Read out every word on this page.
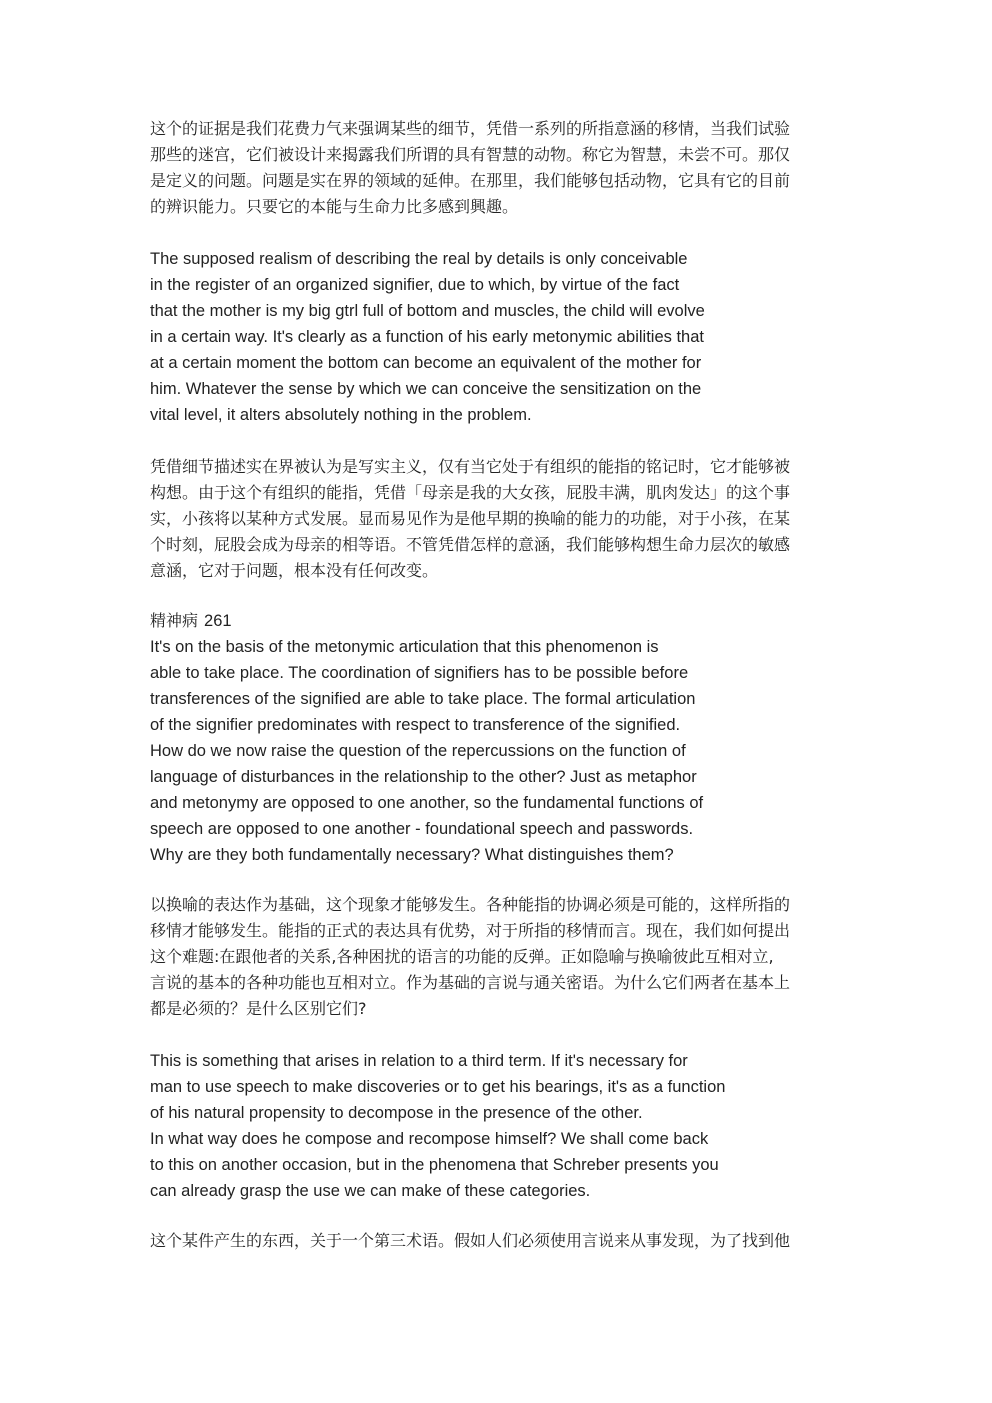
这个的证据是我们花费力气来强调某些的细节，凭借一系列的所指意涵的移情，当我们试验
那些的迷宫，它们被设计来揭露我们所谓的具有智慧的动物。称它为智慧，未尝不可。那仅
是定义的问题。问题是实在界的领域的延伸。在那里，我们能够包括动物，它具有它的目前
的辨识能力。只要它的本能与生命力比多感到興趣。

The supposed realism of describing the real by details is only conceivable
in the register of an organized signifier, due to which, by virtue of the fact
that the mother is my big gtrl full of bottom and muscles, the child will evolve
in a certain way. It's clearly as a function of his early metonymic abilities that
at a certain moment the bottom can become an equivalent of the mother for
him. Whatever the sense by which we can conceive the sensitization on the
vital level, it alters absolutely nothing in the problem.

凭借细节描述实在界被认为是写实主义，仅有当它处于有组织的能指的铭记时，它才能够被
构想。由于这个有组织的能指，凭借「母亲是我的大女孩，屁股丰满，肌肉发达」的这个事
实，小孩将以某种方式发展。显而易见作为是他早期的换喻的能力的功能，对于小孩，在某
个时刻，屁股会成为母亲的相等语。不管凭借怎样的意涵，我们能够构想生命力层次的敏感
意涵，它对于问题，根本没有任何改变。

精神病 261

It's on the basis of the metonymic articulation that this phenomenon is
able to take place. The coordination of signifiers has to be possible before
transferences of the signified are able to take place. The formal articulation
of the signifier predominates with respect to transference of the signified.
How do we now raise the question of the repercussions on the function of
language of disturbances in the relationship to the other? Just as metaphor
and metonymy are opposed to one another, so the fundamental functions of
speech are opposed to one another - foundational speech and passwords.
Why are they both fundamentally necessary? What distinguishes them?

以换喻的表达作为基础，这个现象才能够发生。各种能指的协调必须是可能的，这样所指的
移情才能够发生。能指的正式的表达具有优势，对于所指的移情而言。现在，我们如何提出
这个难题:在跟他者的关系,各种困扰的语言的功能的反弹。正如隐喻与换喻彼此互相对立,
言说的基本的各种功能也互相对立。作为基础的言说与通关密语。为什么它们两者在基本上
都是必须的？是什么区别它们?

This is something that arises in relation to a third term. If it's necessary for
man to use speech to make discoveries or to get his bearings, it's as a function
of his natural propensity to decompose in the presence of the other.
In what way does he compose and recompose himself? We shall come back
to this on another occasion, but in the phenomena that Schreber presents you
can already grasp the use we can make of these categories.

这个某件产生的东西，关于一个第三术语。假如人们必须使用言说来从事发现，为了找到他
